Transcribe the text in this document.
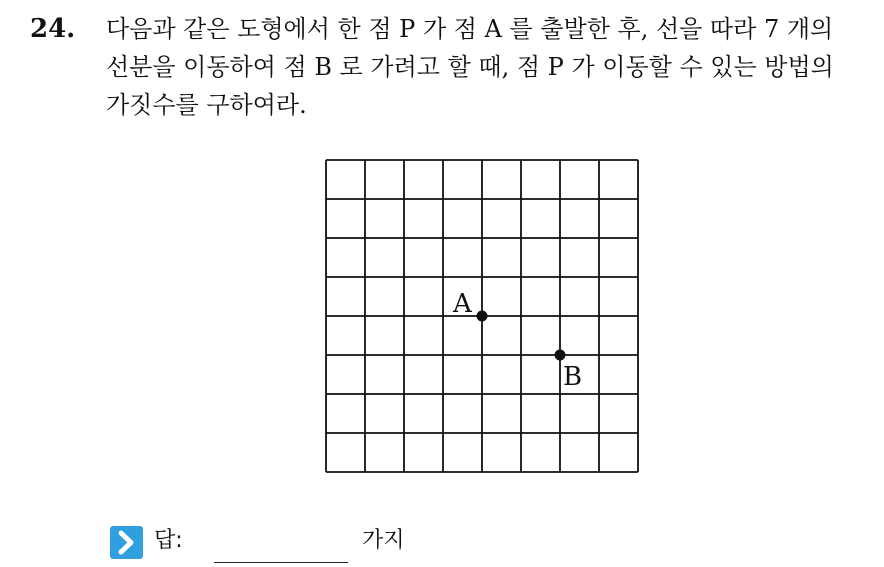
24. 다음과 같은 도형에서 한 점 P 가 점 A 를 출발한 후, 선을 따라 7 개의
선분을 이동하여 점 B 로 가려고 할 때, 점 P 가 이동할 수 있는 방법의
가짓수를 구하여라.
A
B
답:	가지
